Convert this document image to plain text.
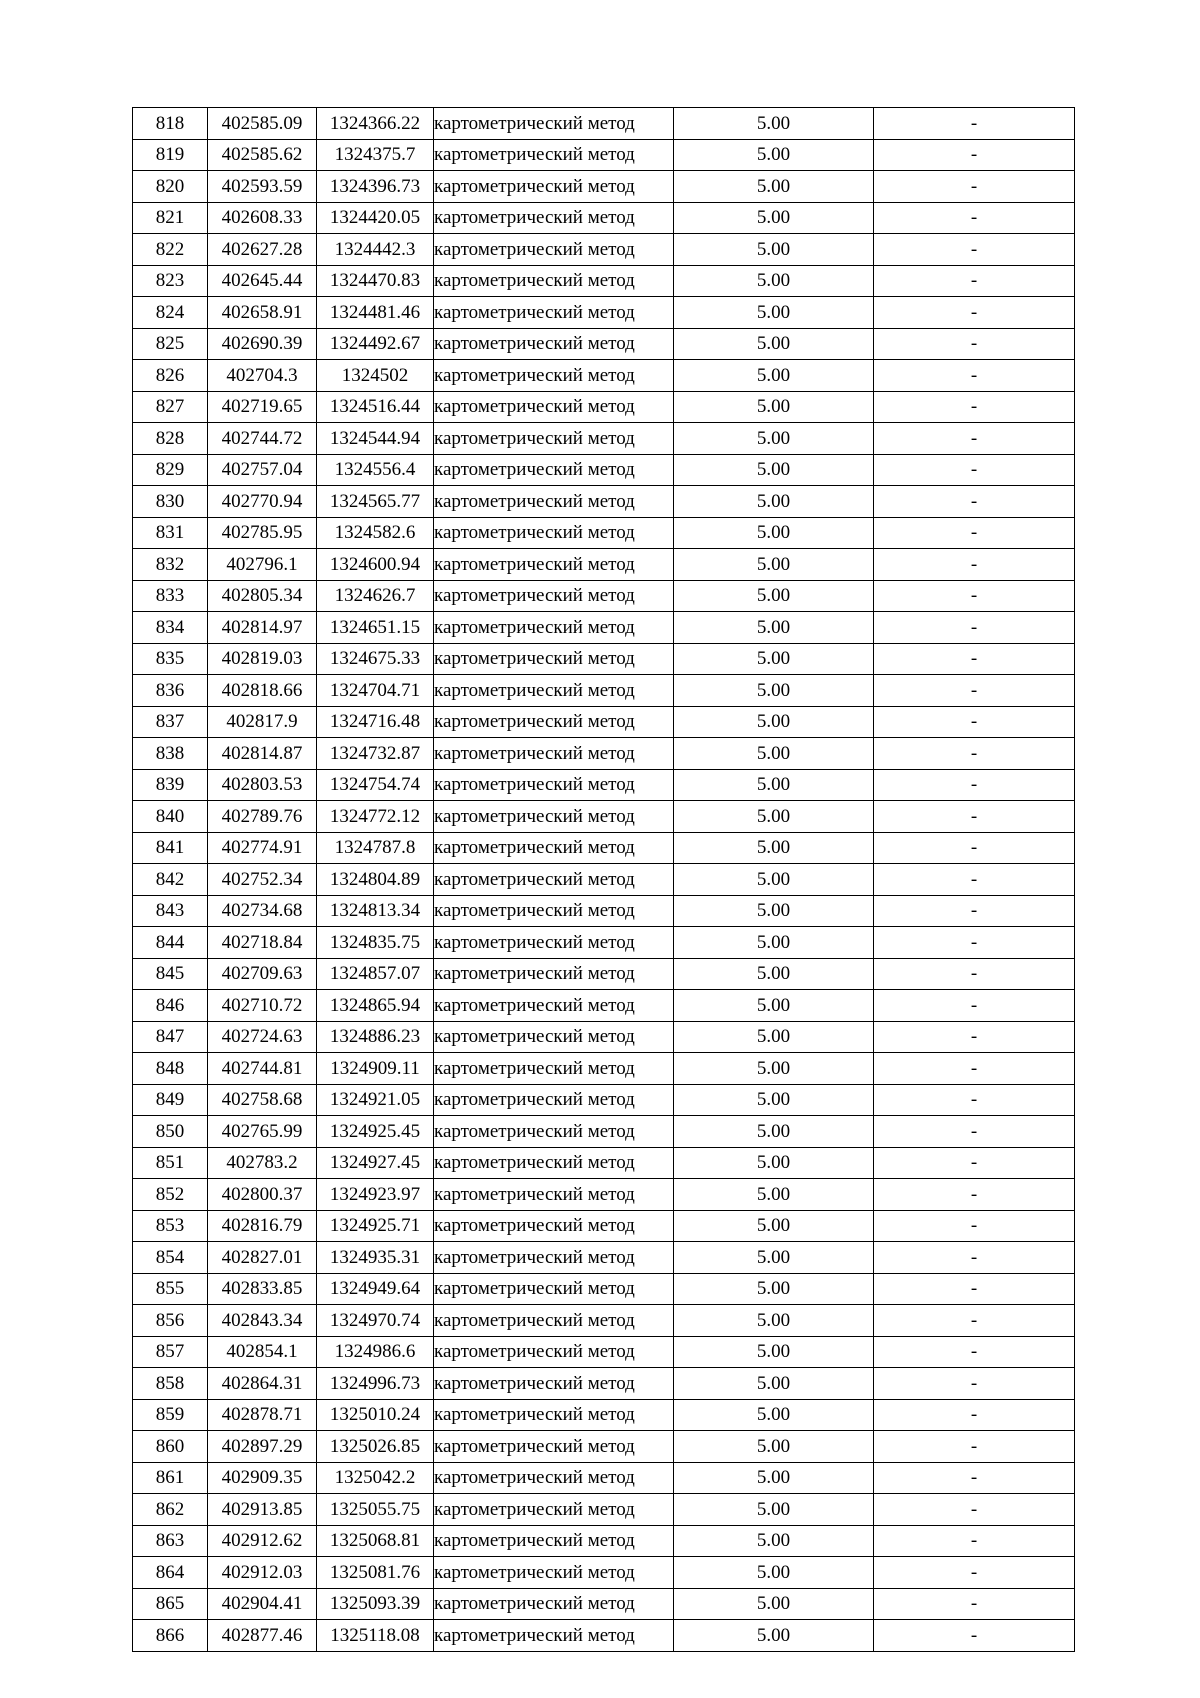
818	402585.09	1324366.22	картометрический метод	5.00	-
819	402585.62	1324375.7	картометрический метод	5.00	-
820	402593.59	1324396.73	картометрический метод	5.00	-
821	402608.33	1324420.05	картометрический метод	5.00	-
822	402627.28	1324442.3	картометрический метод	5.00	-
823	402645.44	1324470.83	картометрический метод	5.00	-
824	402658.91	1324481.46	картометрический метод	5.00	-
825	402690.39	1324492.67	картометрический метод	5.00	-
826	402704.3	1324502	картометрический метод	5.00	-
827	402719.65	1324516.44	картометрический метод	5.00	-
828	402744.72	1324544.94	картометрический метод	5.00	-
829	402757.04	1324556.4	картометрический метод	5.00	-
830	402770.94	1324565.77	картометрический метод	5.00	-
831	402785.95	1324582.6	картометрический метод	5.00	-
832	402796.1	1324600.94	картометрический метод	5.00	-
833	402805.34	1324626.7	картометрический метод	5.00	-
834	402814.97	1324651.15	картометрический метод	5.00	-
835	402819.03	1324675.33	картометрический метод	5.00	-
836	402818.66	1324704.71	картометрический метод	5.00	-
837	402817.9	1324716.48	картометрический метод	5.00	-
838	402814.87	1324732.87	картометрический метод	5.00	-
839	402803.53	1324754.74	картометрический метод	5.00	-
840	402789.76	1324772.12	картометрический метод	5.00	-
841	402774.91	1324787.8	картометрический метод	5.00	-
842	402752.34	1324804.89	картометрический метод	5.00	-
843	402734.68	1324813.34	картометрический метод	5.00	-
844	402718.84	1324835.75	картометрический метод	5.00	-
845	402709.63	1324857.07	картометрический метод	5.00	-
846	402710.72	1324865.94	картометрический метод	5.00	-
847	402724.63	1324886.23	картометрический метод	5.00	-
848	402744.81	1324909.11	картометрический метод	5.00	-
849	402758.68	1324921.05	картометрический метод	5.00	-
850	402765.99	1324925.45	картометрический метод	5.00	-
851	402783.2	1324927.45	картометрический метод	5.00	-
852	402800.37	1324923.97	картометрический метод	5.00	-
853	402816.79	1324925.71	картометрический метод	5.00	-
854	402827.01	1324935.31	картометрический метод	5.00	-
855	402833.85	1324949.64	картометрический метод	5.00	-
856	402843.34	1324970.74	картометрический метод	5.00	-
857	402854.1	1324986.6	картометрический метод	5.00	-
858	402864.31	1324996.73	картометрический метод	5.00	-
859	402878.71	1325010.24	картометрический метод	5.00	-
860	402897.29	1325026.85	картометрический метод	5.00	-
861	402909.35	1325042.2	картометрический метод	5.00	-
862	402913.85	1325055.75	картометрический метод	5.00	-
863	402912.62	1325068.81	картометрический метод	5.00	-
864	402912.03	1325081.76	картометрический метод	5.00	-
865	402904.41	1325093.39	картометрический метод	5.00	-
866	402877.46	1325118.08	картометрический метод	5.00	-
